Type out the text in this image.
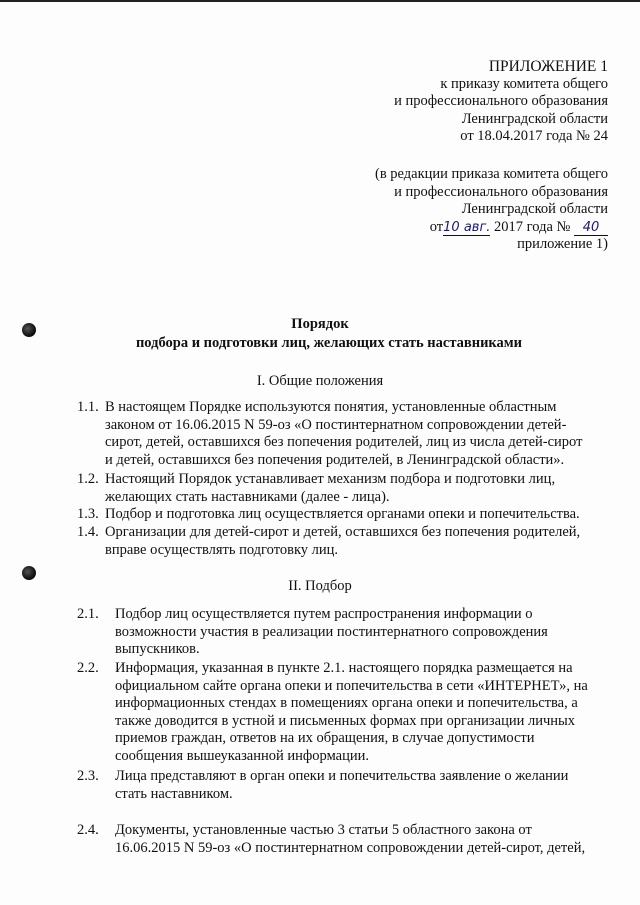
ПРИЛОЖЕНИЕ 1
к приказу комитета общего
и профессионального образования
Ленинградской области
от 18.04.2017 года № 24
(в редакции приказа комитета общего
и профессионального образования
Ленинградской области
от10 авг. 2017 года № 40
приложение 1)
Порядок
подбора и подготовки лиц, желающих стать наставниками
I. Общие положения
1.1. В настоящем Порядке используются понятия, установленные областным
законом от 16.06.2015 N 59-оз «О постинтернатном сопровождении детей-
сирот, детей, оставшихся без попечения родителей, лиц из числа детей-сирот
и детей, оставшихся без попечения родителей, в Ленинградской области».
1.2. Настоящий Порядок устанавливает механизм подбора и подготовки лиц,
желающих стать наставниками (далее - лица).
1.3. Подбор и подготовка лиц осуществляется органами опеки и попечительства.
1.4. Организации для детей-сирот и детей, оставшихся без попечения родителей,
вправе осуществлять подготовку лиц.
II. Подбор
2.1. Подбор лиц осуществляется путем распространения информации о
возможности участия в реализации постинтернатного сопровождения
выпускников.
2.2. Информация, указанная в пункте 2.1. настоящего порядка размещается на
официальном сайте органа опеки и попечительства в сети «ИНТЕРНЕТ», на
информационных стендах в помещениях органа опеки и попечительства, а
также доводится в устной и письменных формах при организации личных
приемов граждан, ответов на их обращения, в случае допустимости
сообщения вышеуказанной информации.
2.3. Лица представляют в орган опеки и попечительства заявление о желании
стать наставником.
2.4. Документы, установленные частью 3 статьи 5 областного закона от
16.06.2015 N 59-оз «О постинтернатном сопровождении детей-сирот, детей,
